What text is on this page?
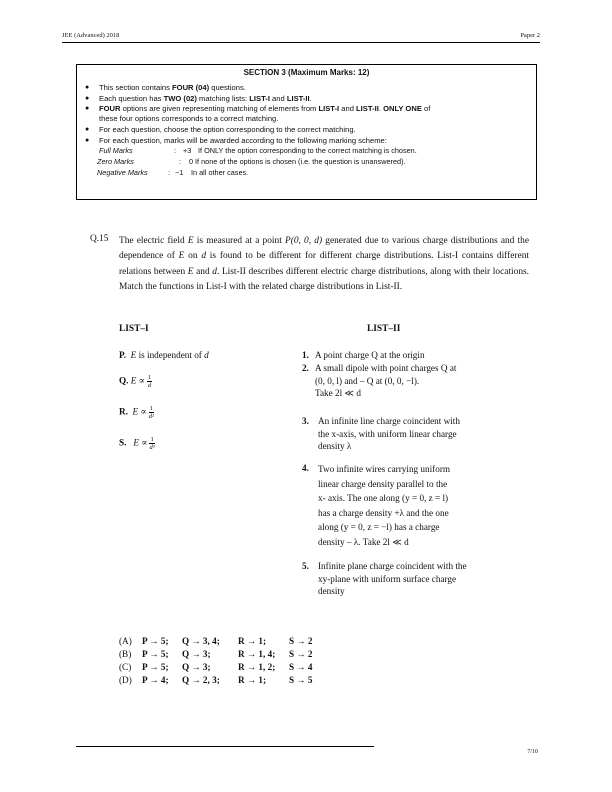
JEE (Advanced) 2018	Paper 2
SECTION 3 (Maximum Marks: 12)
● This section contains FOUR (04) questions.
● Each question has TWO (02) matching lists: LIST-I and LIST-II.
● FOUR options are given representing matching of elements from LIST-I and LIST-II. ONLY ONE of
these four options corresponds to a correct matching.
● For each question, choose the option corresponding to the correct matching.
● For each question, marks will be awarded according to the following marking scheme:
Full Marks	: +3 If ONLY the option corresponding to the correct matching is chosen.
Zero Marks	: 0 If none of the options is chosen (i.e. the question is unanswered).
Negative Marks	: −1 In all other cases.
Q.15 The electric field E is measured at a point P(0, 0, d) generated due to various charge distributions and the dependence of E on d is found to be different for different charge distributions. List-I contains different relations between E and d. List-II describes different electric charge distributions, along with their locations. Match the functions in List-I with the related charge distributions in List-II.
LIST–I
P. E is independent of d
Q. $E \propto \frac{1}{d}$
R. $E \propto \frac{1}{\text{d²}}$
S. $E \propto \frac{1}{\text{d³}}$
LIST–II
1. A point charge Q at the origin
2. A small dipole with point charges Q at
(0, 0, l) and – Q at (0, 0, −l).
Take 2l ≪ d
3. An infinite line charge coincident with
the x-axis, with uniform linear charge
density λ
4. Two infinite wires carrying uniform
linear charge density parallel to the
x- axis. The one along (y = 0, z = l)
has a charge density +λ and the one
along (y = 0, z = −l) has a charge
density – λ. Take 2l ≪ d
5. Infinite plane charge coincident with the
xy-plane with uniform surface charge
density
(A) P → 5; Q → 3, 4; R → 1; S → 2
(B) P → 5; Q → 3;	R → 1, 4; S → 2
(C) P → 5; Q → 3;	R → 1, 2; S → 4
(D) P → 4; Q → 2, 3; R → 1; S → 5
7/10
